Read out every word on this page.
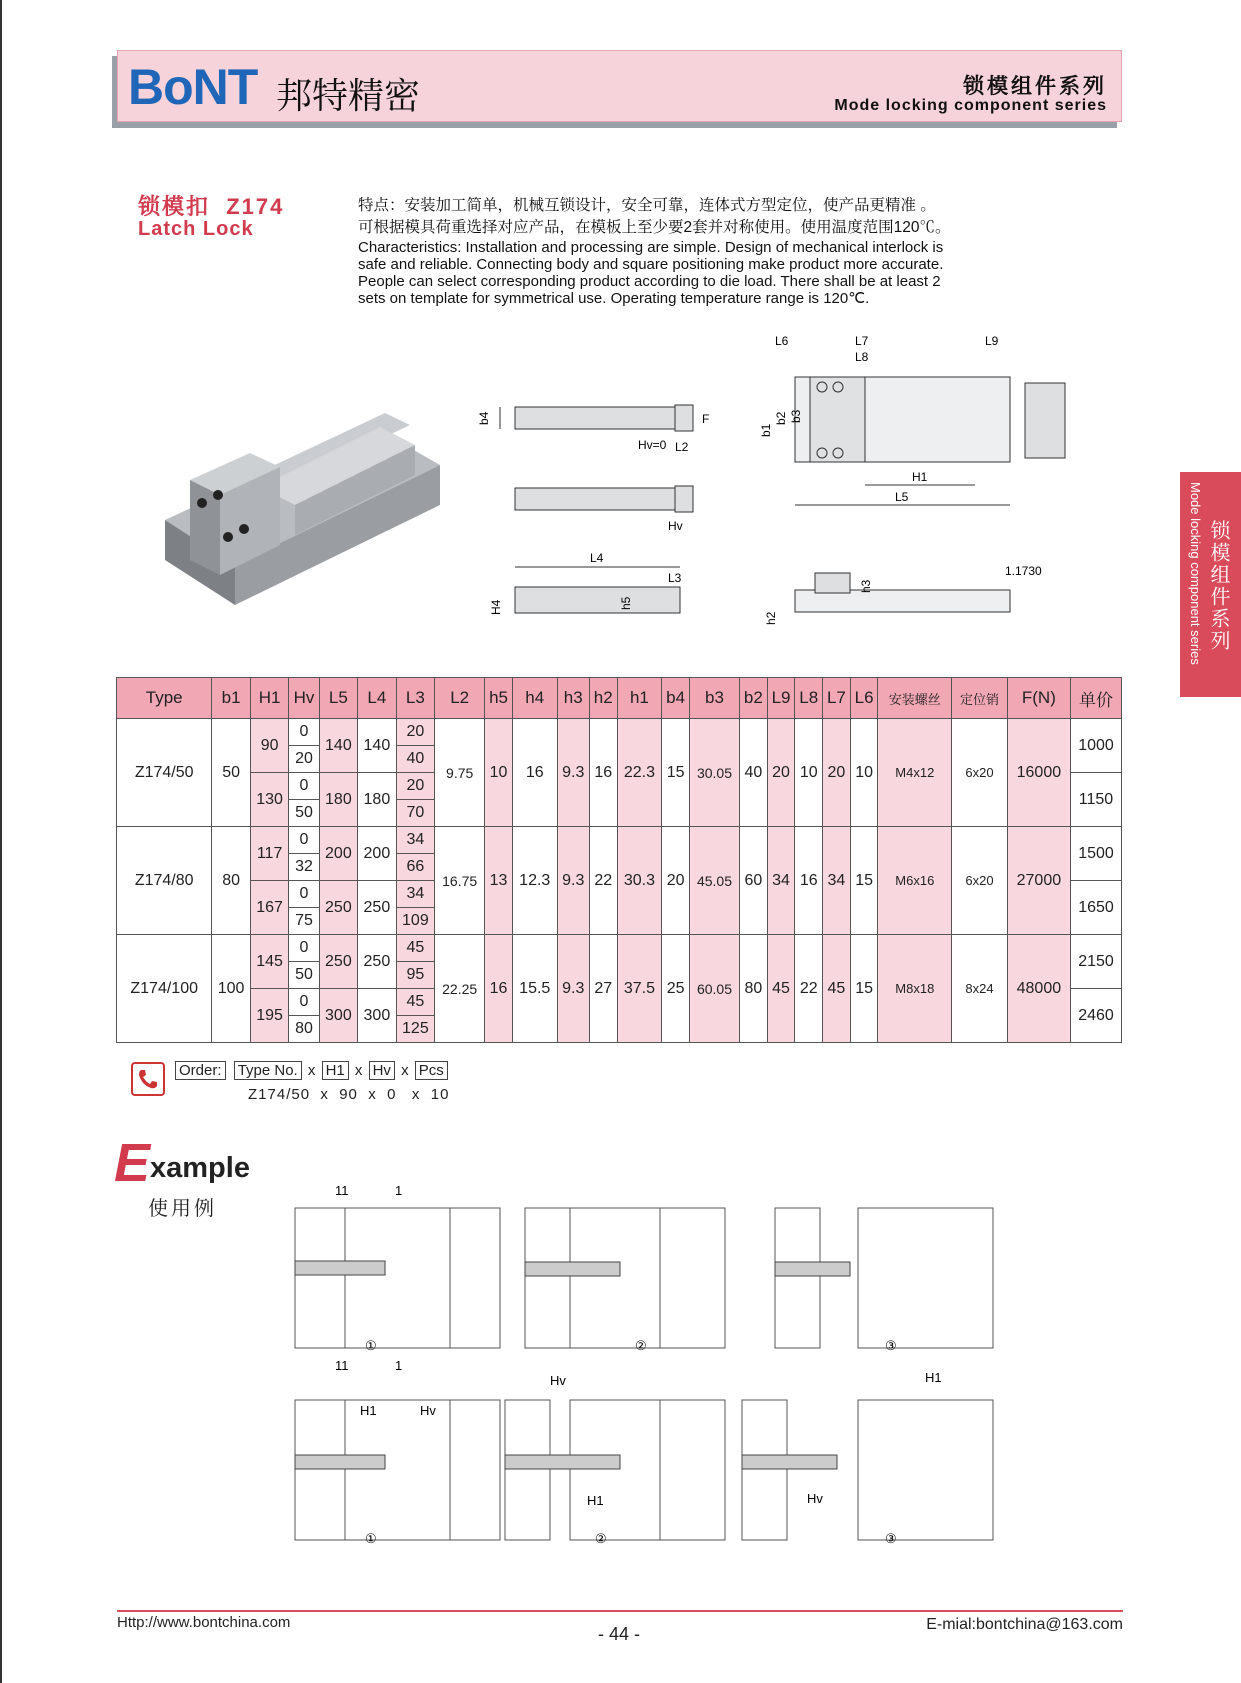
BoNT 邦特精密	锁模组件系列
Mode locking component series
锁模扣  Z174
Latch Lock

特点：安装加工简单，机械互锁设计，安全可靠，连体式方型定位，使产品更精准 。

可根据模具荷重选择对应产品，在模板上至少要2套并对称使用。使用温度范围120℃。

Characteristics: Installation and processing are simple. Design of mechanical interlock is

safe and reliable. Connecting body and square positioning make product more accurate.

People can select corresponding product according to die load. There shall be at least 2

sets on template for symmetrical use. Operating temperature range is 120℃.

Mode locking component series 锁模组件系列
b4	F
Hv=0 L2
Hv
L4
L3
H4	h5
L6	L7
L8
L9
b1
b2 b3
H1
L5
h3
h2
1.1730
Type	b1	H1	Hv	L5	L4	L3	L2	h5	h4	h3	h2	h1	b4	b3	b2	L9	L8	L7	L6	安装螺丝	定位销	F(N)	单价
Z174/50	50	90	0	140	140	20	9.75	10	16	9.3	16	22.3	15	30.05	40	20	10	20	10	M4x12	6x20	16000	1000
			20			40																	
		130	0	180	180	20																	1150
			50			70																	
Z174/80	80	117	0	200	200	34	16.75	13	12.3	9.3	22	30.3	20	45.05	60	34	16	34	15	M6x16	6x20	27000	1500
			32			66																	
		167	0	250	250	34																	1650
			75			109																	
Z174/100	100	145	0	250	250	45	22.25	16	15.5	9.3	27	37.5	25	60.05	80	45	22	45	15	M8x18	8x24	48000	2150
			50			95																	
		195	0	300	300	45																	2460
			80			125																	
Order: Type No. x H1 x Hv x Pcs
Z174/50  x  90  x  0   x  10
E xample
使用例
11	1
①	②	③
11	1
H1	Hv
①
Hv
H1
②
H1
Hv
③
Http://www.bontchina.com
- 44 -	E-mial:bontchina@163.com
